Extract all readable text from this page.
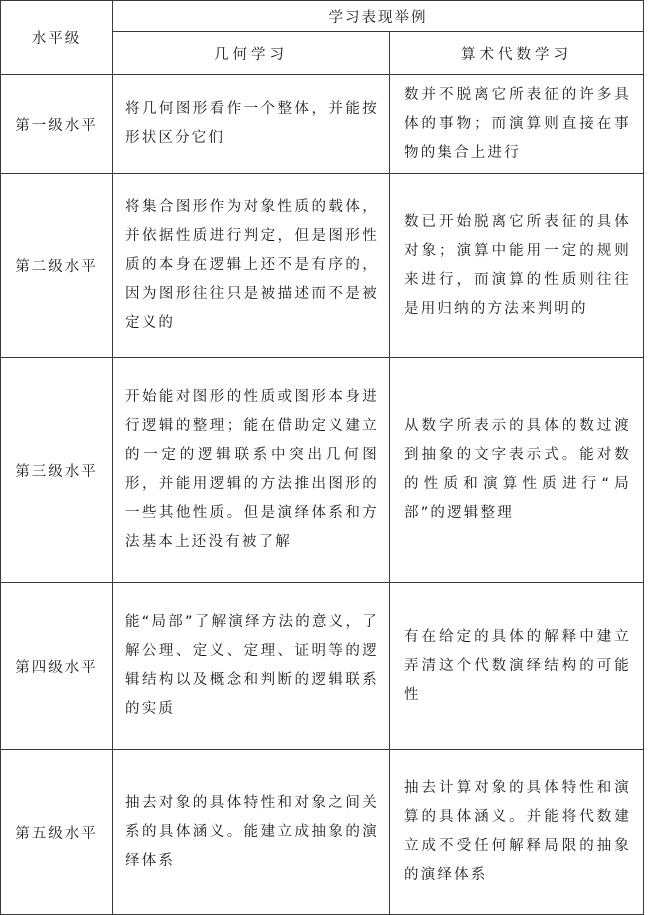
水平级	学习表现举例	
	几何学习	算术代数学习
第一级水平	将几何图形看作一个整体，并能按形状区分它们	数并不脱离它所表征的许多具体的事物；而演算则直接在事物的集合上进行
第二级水平	将集合图形作为对象性质的载体，并依据性质进行判定，但是图形性质的本身在逻辑上还不是有序的，因为图形往往只是被描述而不是被定义的	数已开始脱离它所表征的具体对象；演算中能用一定的规则来进行，而演算的性质则往往是用归纳的方法来判明的
第三级水平	开始能对图形的性质或图形本身进行逻辑的整理；能在借助定义建立的一定的逻辑联系中突出几何图形，并能用逻辑的方法推出图形的一些其他性质。但是演绎体系和方法基本上还没有被了解	从数字所表示的具体的数过渡到抽象的文字表示式。能对数的性质和演算性质进行“局部”的逻辑整理
第四级水平	能“局部”了解演绎方法的意义，了解公理、定义、定理、证明等的逻辑结构以及概念和判断的逻辑联系的实质	有在给定的具体的解释中建立弄清这个代数演绎结构的可能性
第五级水平	抽去对象的具体特性和对象之间关系的具体涵义。能建立成抽象的演绎体系	抽去计算对象的具体特性和演算的具体涵义。并能将代数建立成不受任何解释局限的抽象的演绎体系
